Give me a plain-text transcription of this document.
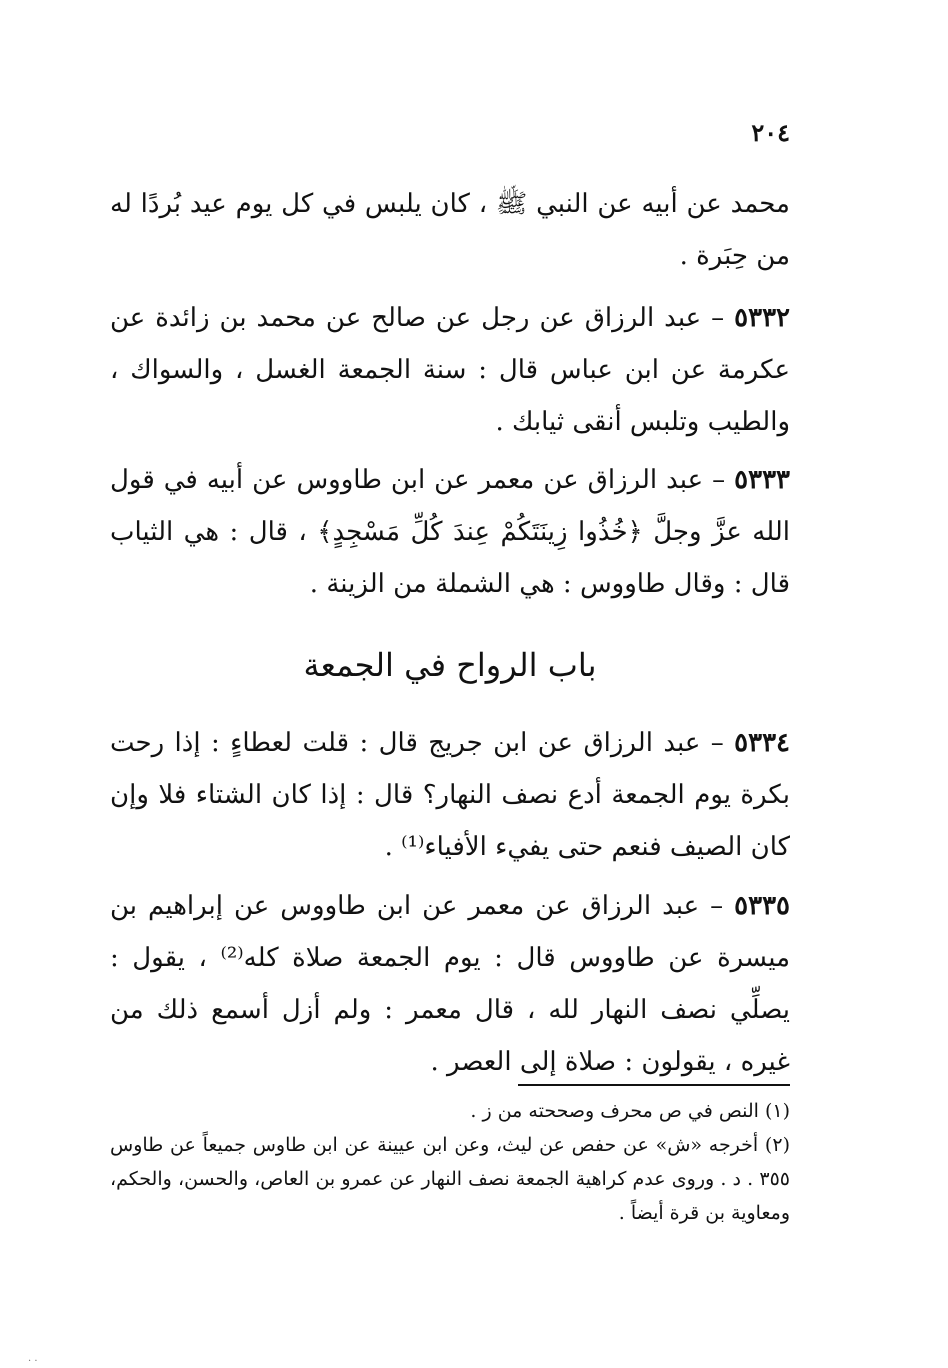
٢٠٤

محمد عن أبيه عن النبي ﷺ ، كان يلبس في كل يوم عيد بُردًا له من حِبَرة .

٥٣٣٢ – عبد الرزاق عن رجل عن صالح عن محمد بن زائدة عن عكرمة عن ابن عباس قال : سنة الجمعة الغسل ، والسواك ، والطيب وتلبس أنقى ثيابك .

٥٣٣٣ – عبد الرزاق عن معمر عن ابن طاووس عن أبيه في قول الله عزَّ وجلَّ ﴿خُذُوا زِينَتَكُمْ عِندَ كُلِّ مَسْجِدٍ﴾ ، قال : هي الثياب قال : وقال طاووس : هي الشملة من الزينة .

باب الرواح في الجمعة

٥٣٣٤ – عبد الرزاق عن ابن جريج قال : قلت لعطاءٍ : إذا رحت بكرة يوم الجمعة أدع نصف النهار؟ قال : إذا كان الشتاء فلا وإن كان الصيف فنعم حتى يفيء الأفياء⁽¹⁾ .

٥٣٣٥ – عبد الرزاق عن معمر عن ابن طاووس عن إبراهيم بن ميسرة عن طاووس قال : يوم الجمعة صلاة كله⁽²⁾ ، يقول : يصلِّي نصف النهار لله ، قال معمر : ولم أزل أسمع ذلك من غيره ، يقولون : صلاة إلى العصر .

(١) النص في ص محرف وصححته من ز .

(٢) أخرجه «ش» عن حفص عن ليث، وعن ابن عيينة عن ابن طاوس جميعاً عن طاوس ٣٥٥ . د . وروى عدم كراهية الجمعة نصف النهار عن عمرو بن العاص، والحسن، والحكم، ومعاوية بن قرة أيضاً .

· ·
